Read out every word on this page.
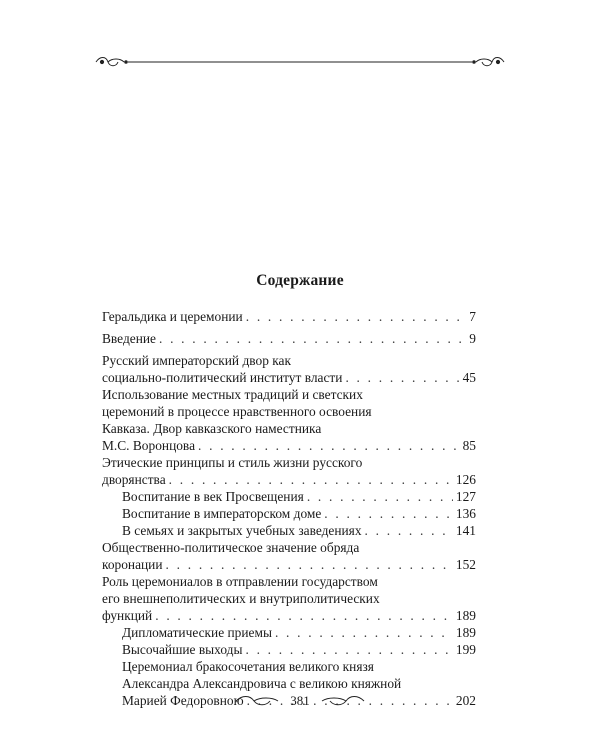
Содержание
Геральдика и церемонии . . .	7
Введение . . .	9
Русский императорский двор как
социально-политический институт власти . . .	45
Использование местных традиций и светских
церемоний в процессе нравственного освоения
Кавказа. Двор кавказского наместника
М.С. Воронцова . . .	85
Этические принципы и стиль жизни русского
дворянства . . .	126
Воспитание в век Просвещения . . .	127
Воспитание в императорском доме . . .	136
В семьях и закрытых учебных заведениях . . .	141
Общественно-политическое значение обряда
коронации . . .	152
Роль церемониалов в отправлении государством
его внешнеполитических и внутриполитических
функций . . .	189
Дипломатические приемы . . .	189
Высочайшие выходы . . .	199
Церемониал бракосочетания великого князя
Александра Александровича с великою княжной
Марией Федоровною . . .	202
381
